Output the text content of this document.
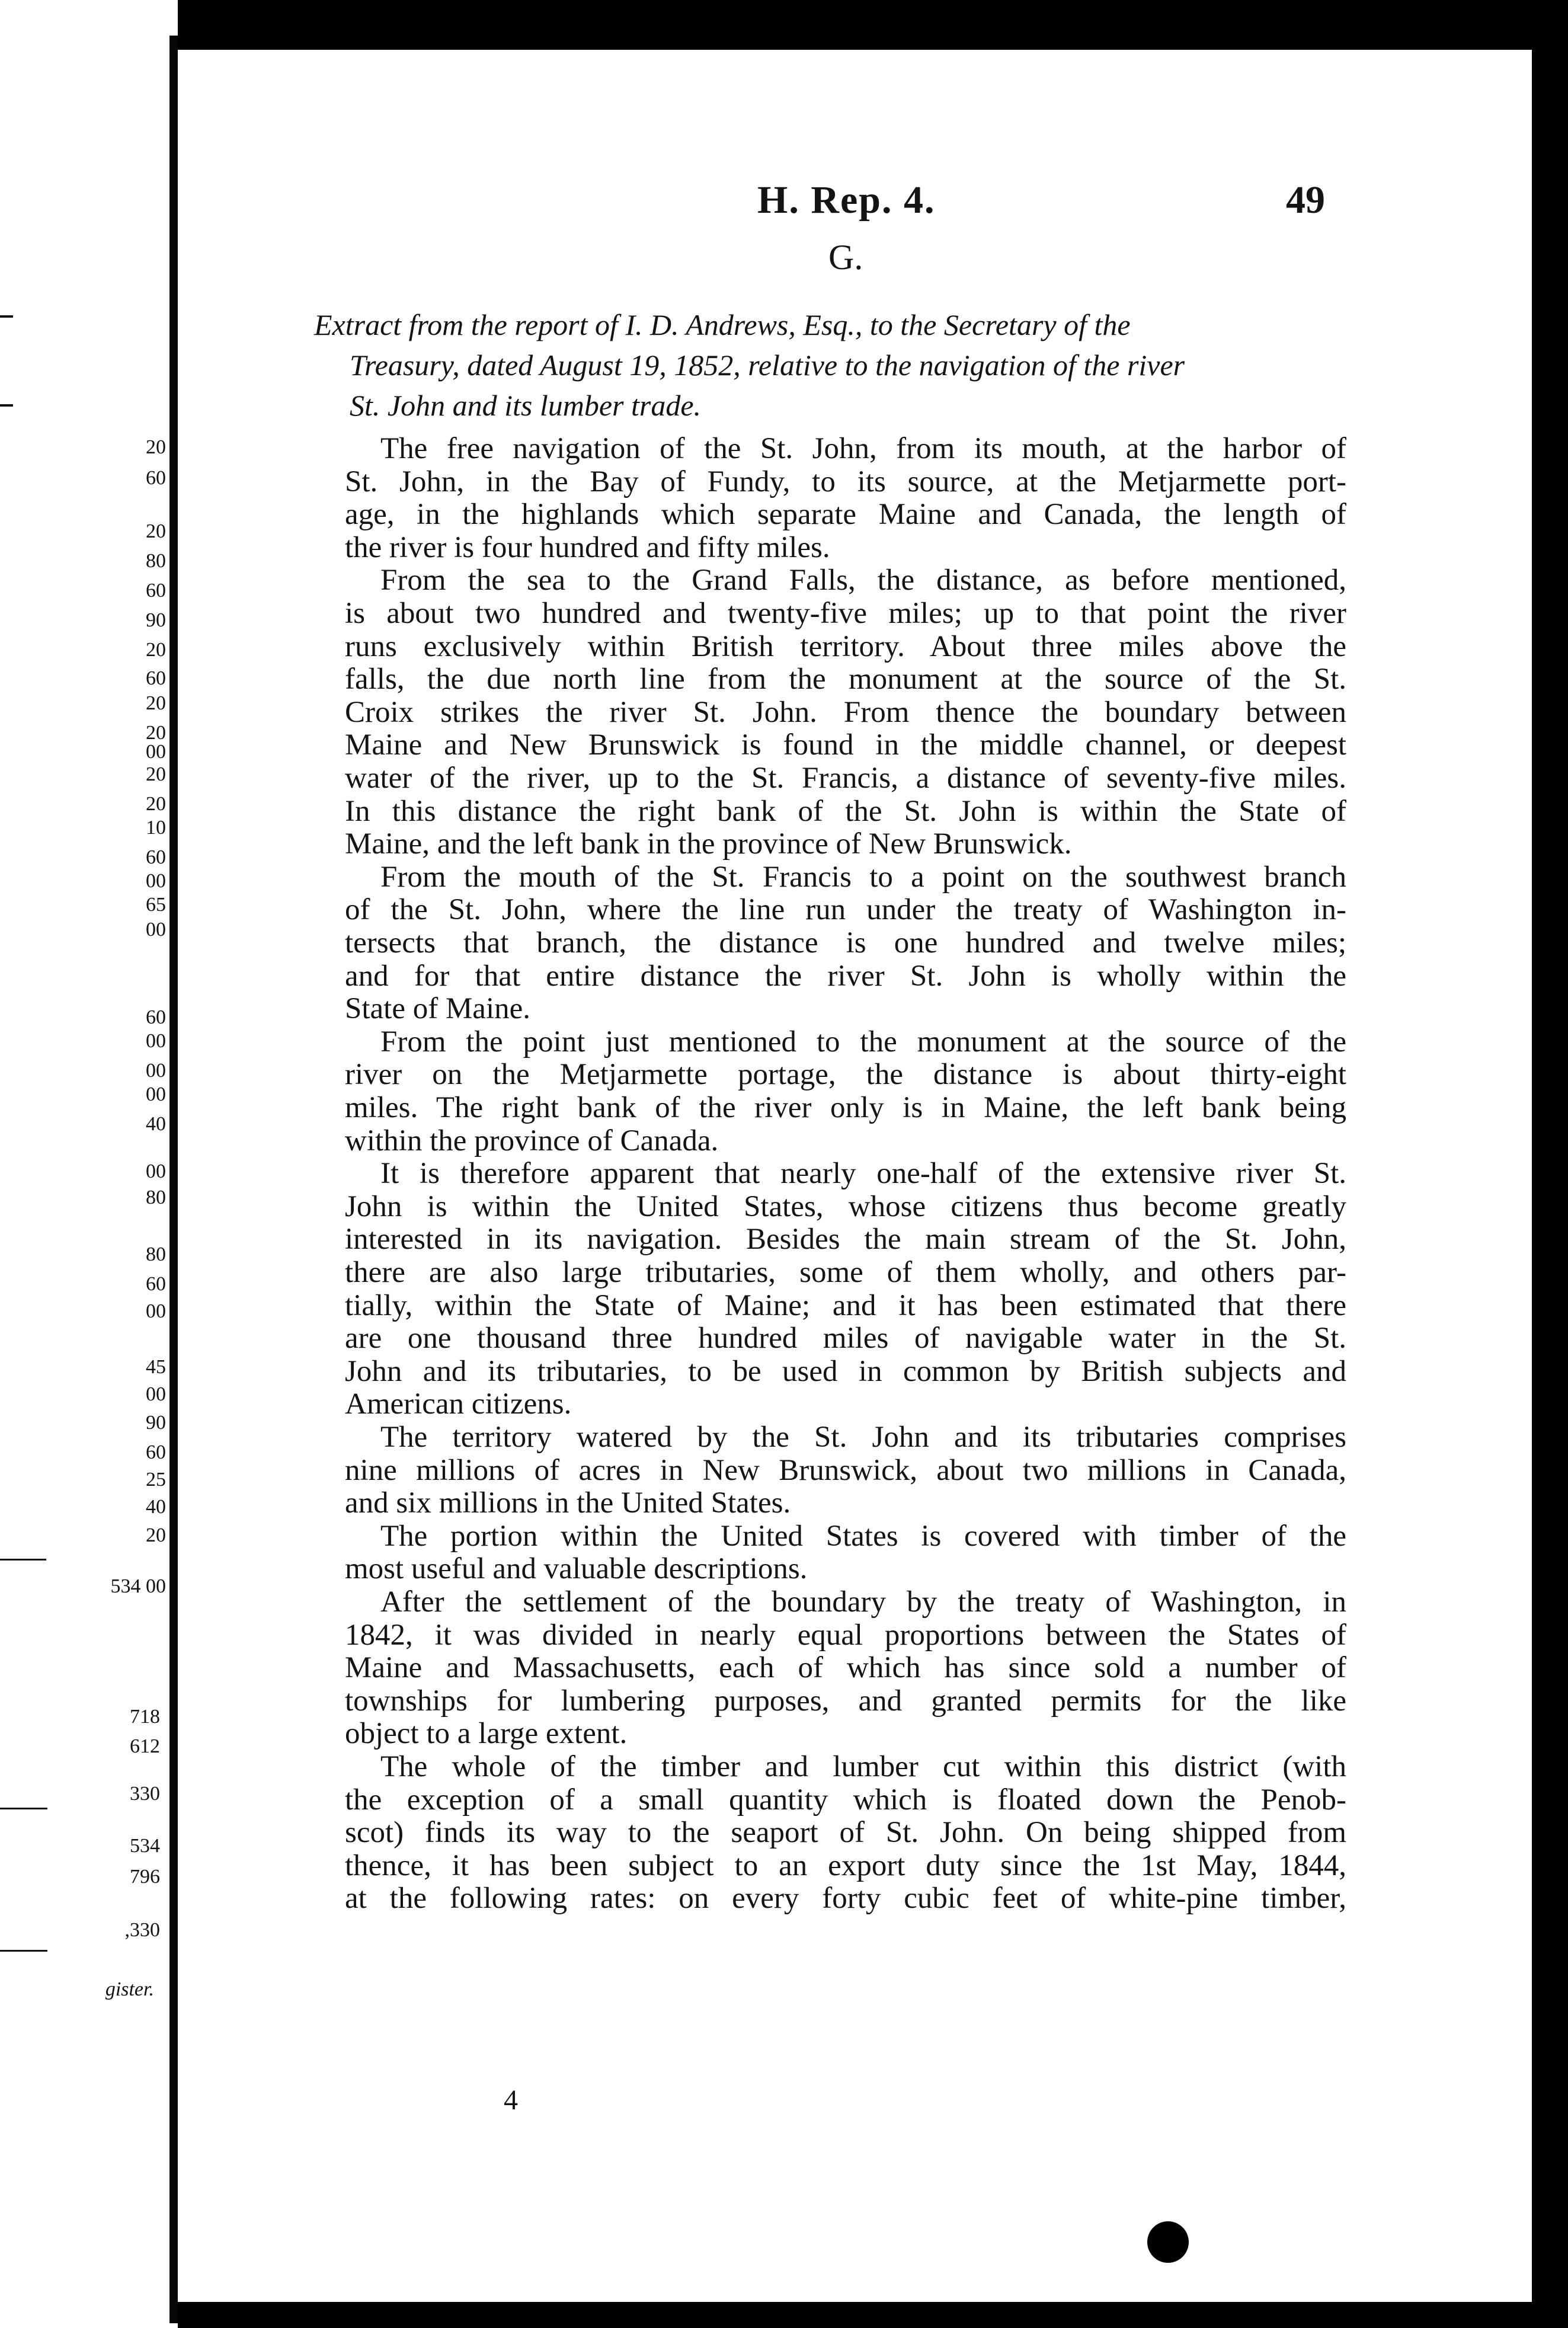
20
60
20
80
60
90
20
60
20
20
00
20
20
10
60
00
65
00
60
00
00
00
40
00
80
80
60
00
45
00
90
60
25
40
20
534 00
718
612
330
534
796
,330
gister.
H. Rep. 4.	49
G.
Extract from the report of I. D. Andrews, Esq., to the Secretary of the
Treasury, dated August 19, 1852, relative to the navigation of the river
St. John and its lumber trade.
The free navigation of the St. John, from its mouth, at the harbor of
St. John, in the Bay of Fundy, to its source, at the Metjarmette port-
age, in the highlands which separate Maine and Canada, the length of
the river is four hundred and fifty miles.
From the sea to the Grand Falls, the distance, as before mentioned,
is about two hundred and twenty-five miles; up to that point the river
runs exclusively within British territory. About three miles above the
falls, the due north line from the monument at the source of the St.
Croix strikes the river St. John. From thence the boundary between
Maine and New Brunswick is found in the middle channel, or deepest
water of the river, up to the St. Francis, a distance of seventy-five miles.
In this distance the right bank of the St. John is within the State of
Maine, and the left bank in the province of New Brunswick.
From the mouth of the St. Francis to a point on the southwest branch
of the St. John, where the line run under the treaty of Washington in-
tersects that branch, the distance is one hundred and twelve miles;
and for that entire distance the river St. John is wholly within the
State of Maine.
From the point just mentioned to the monument at the source of the
river on the Metjarmette portage, the distance is about thirty-eight
miles. The right bank of the river only is in Maine, the left bank being
within the province of Canada.
It is therefore apparent that nearly one-half of the extensive river St.
John is within the United States, whose citizens thus become greatly
interested in its navigation. Besides the main stream of the St. John,
there are also large tributaries, some of them wholly, and others par-
tially, within the State of Maine; and it has been estimated that there
are one thousand three hundred miles of navigable water in the St.
John and its tributaries, to be used in common by British subjects and
American citizens.
The territory watered by the St. John and its tributaries comprises
nine millions of acres in New Brunswick, about two millions in Canada,
and six millions in the United States.
The portion within the United States is covered with timber of the
most useful and valuable descriptions.
After the settlement of the boundary by the treaty of Washington, in
1842, it was divided in nearly equal proportions between the States of
Maine and Massachusetts, each of which has since sold a number of
townships for lumbering purposes, and granted permits for the like
object to a large extent.
The whole of the timber and lumber cut within this district (with
the exception of a small quantity which is floated down the Penob-
scot) finds its way to the seaport of St. John. On being shipped from
thence, it has been subject to an export duty since the 1st May, 1844,
at the following rates: on every forty cubic feet of white-pine timber,
4
